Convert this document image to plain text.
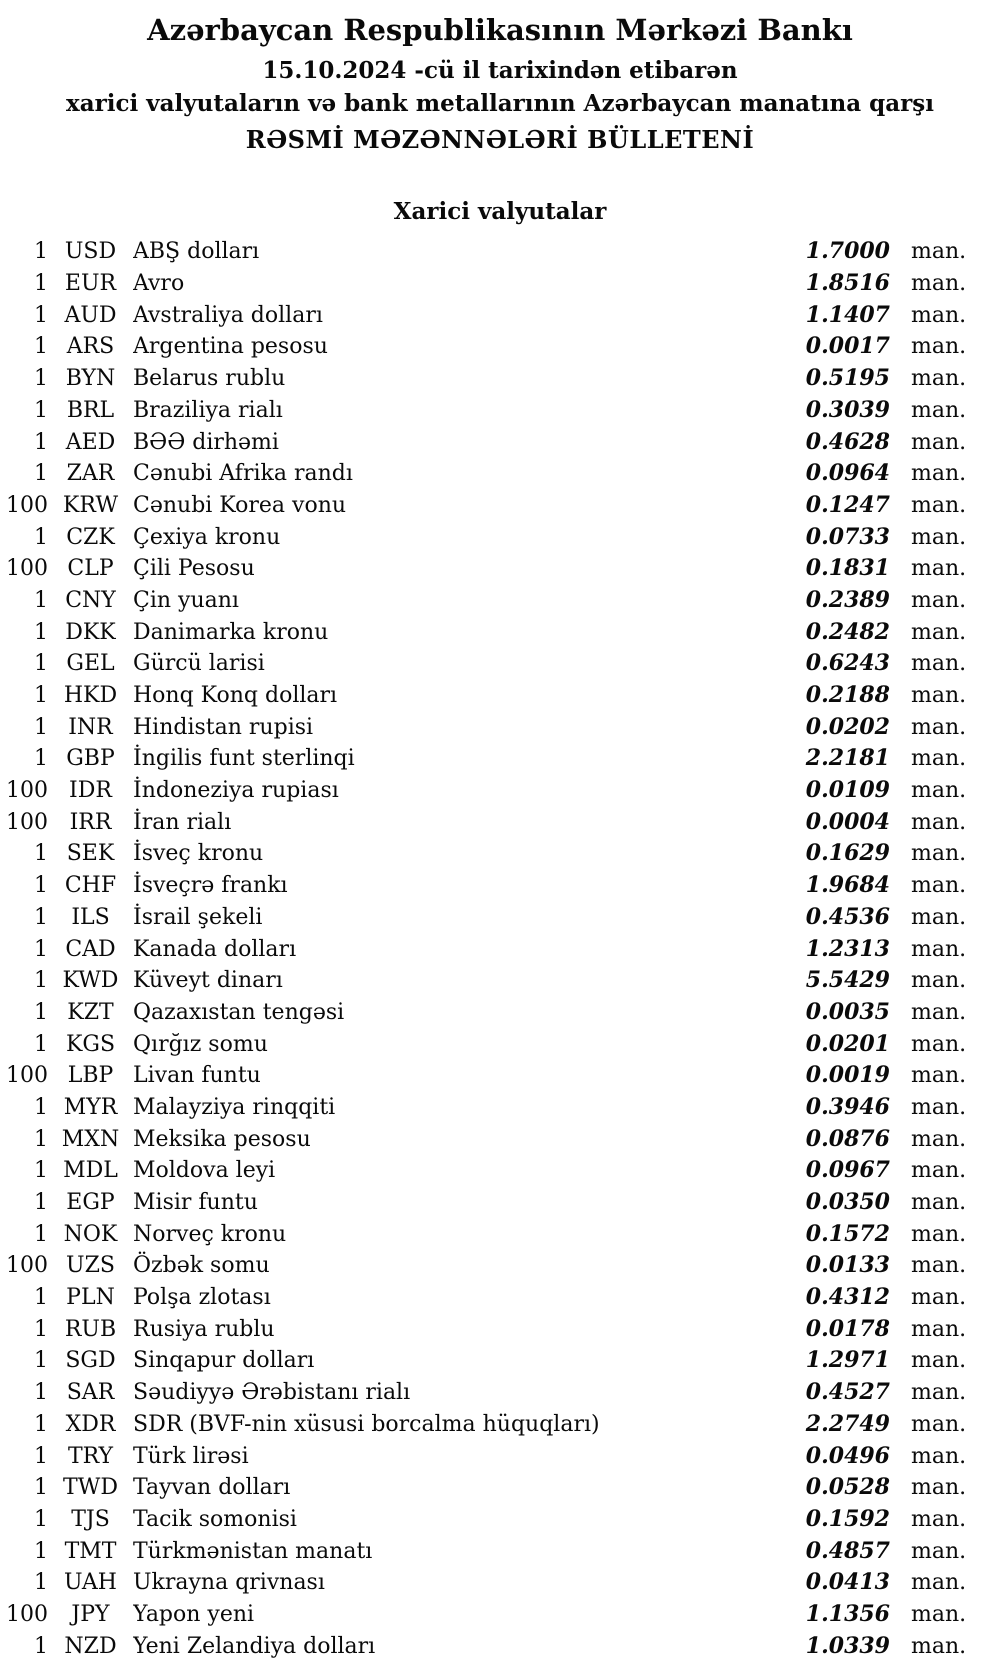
Azərbaycan Respublikasının Mərkəzi Bankı
15.10.2024 -cü il tarixindən etibarən
xarici valyutaların və bank metallarının Azərbaycan manatına qarşı
RƏSMİ MƏZƏNNƏLƏRİ BÜLLETENİ
Xarici valyutalar
1 USD ABŞ dolları	1.7000 man.
1 EUR Avro	1.8516 man.
1 AUD Avstraliya dolları	1.1407 man.
1 ARS Argentina pesosu	0.0017 man.
1 BYN Belarus rublu	0.5195 man.
1 BRL Braziliya rialı	0.3039 man.
1 AED BƏƏ dirhəmi	0.4628 man.
1 ZAR Cənubi Afrika randı	0.0964 man.
100 KRW Cənubi Korea vonu	0.1247 man.
1 CZK Çexiya kronu	0.0733 man.
100 CLP Çili Pesosu	0.1831 man.
1 CNY Çin yuanı	0.2389 man.
1 DKK Danimarka kronu	0.2482 man.
1 GEL Gürcü larisi	0.6243 man.
1 HKD Honq Konq dolları	0.2188 man.
1 INR Hindistan rupisi	0.0202 man.
1 GBP İngilis funt sterlinqi	2.2181 man.
100 IDR İndoneziya rupiası	0.0109 man.
100 IRR İran rialı	0.0004 man.
1 SEK İsveç kronu	0.1629 man.
1 CHF İsveçrə frankı	1.9684 man.
1	ILS	İsrail şekeli	0.4536 man.
1 CAD Kanada dolları	1.2313 man.
1 KWD Küveyt dinarı	5.5429 man.
1 KZT Qazaxıstan tengəsi	0.0035 man.
1 KGS Qırğız somu	0.0201 man.
100 LBP Livan funtu	0.0019 man.
1 MYR Malayziya rinqqiti	0.3946 man.
1 MXN Meksika pesosu	0.0876 man.
1 MDL Moldova leyi	0.0967 man.
1 EGP Misir funtu	0.0350 man.
1 NOK Norveç kronu	0.1572 man.
100 UZS Özbək somu	0.0133 man.
1 PLN Polşa zlotası	0.4312 man.
1 RUB Rusiya rublu	0.0178 man.
1 SGD Sinqapur dolları	1.2971 man.
1 SAR Səudiyyə Ərəbistanı rialı	0.4527 man.
1 XDR SDR (BVF-nin xüsusi borcalma hüquqları)	2.2749 man.
1 TRY Türk lirəsi	0.0496 man.
1 TWD Tayvan dolları	0.0528 man.
1	TJS	Tacik somonisi	0.1592 man.
1 TMT Türkmənistan manatı	0.4857 man.
1 UAH Ukrayna qrivnası	0.0413 man.
100	JPY	Yapon yeni	1.1356 man.
1 NZD Yeni Zelandiya dolları	1.0339 man.
